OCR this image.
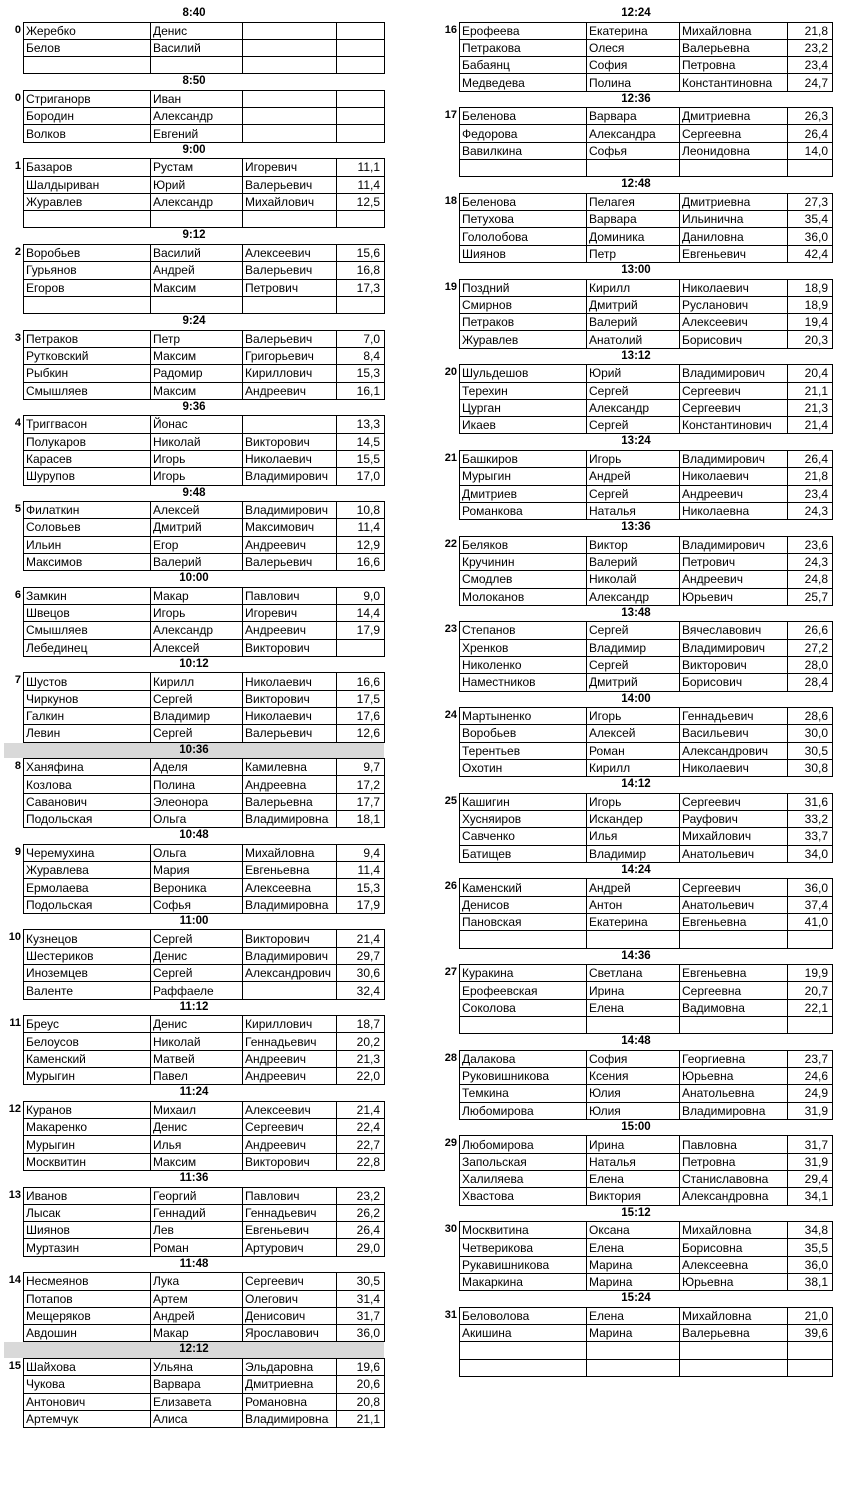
8:40
0 Жеребко	Денис		
Белов	Василий		

8:50
0 Стриганорв	Иван		
Бородин	Александр		
Волков	Евгений		
9:00
1 Базаров	Рустам	Игоревич	11,1
Шалдыриван	Юрий	Валерьевич	11,4
Журавлев	Александр	Михайлович	12,5

9:12
2 Воробьев	Василий	Алексеевич	15,6
Гурьянов	Андрей	Валерьевич	16,8
Егоров	Максим	Петрович	17,3

9:24
3 Петраков	Петр	Валерьевич	7,0
Рутковский	Максим	Григорьевич	8,4
Рыбкин	Радомир	Кириллович	15,3
Смышляев	Максим	Андреевич	16,1
9:36
4 Триггвасон	Йонас		13,3
Полукаров	Николай	Викторович	14,5
Карасев	Игорь	Николаевич	15,5
Шурупов	Игорь	Владимирович	17,0
9:48
5 Филаткин	Алексей	Владимирович	10,8
Соловьев	Дмитрий	Максимович	11,4
Ильин	Егор	Андреевич	12,9
Максимов	Валерий	Валерьевич	16,6
10:00
6 Замкин	Макар	Павлович	9,0
Швецов	Игорь	Игоревич	14,4
Смышляев	Александр	Андреевич	17,9
Лебединец	Алексей	Викторович	
10:12
7 Шустов	Кирилл	Николаевич	16,6
Чиркунов	Сергей	Викторович	17,5
Галкин	Владимир	Николаевич	17,6
Левин	Сергей	Валерьевич	12,6
10:36
8 Ханяфина	Аделя	Камилевна	9,7
Козлова	Полина	Андреевна	17,2
Саванович	Элеонора	Валерьевна	17,7
Подольская	Ольга	Владимировна	18,1
10:48
9 Черемухина	Ольга	Михайловна	9,4
Журавлева	Мария	Евгеньевна	11,4
Ермолаева	Вероника	Алексеевна	15,3
Подольская	Софья	Владимировна	17,9
11:00
10 Кузнецов	Сергей	Викторович	21,4
Шестериков	Денис	Владимирович	29,7
Иноземцев	Сергей	Александрович	30,6
Валенте	Раффаеле		32,4
11:12
11 Бреус	Денис	Кириллович	18,7
Белоусов	Николай	Геннадьевич	20,2
Каменский	Матвей	Андреевич	21,3
Мурыгин	Павел	Андреевич	22,0
11:24
12 Куранов	Михаил	Алексеевич	21,4
Макаренко	Денис	Сергеевич	22,4
Мурыгин	Илья	Андреевич	22,7
Москвитин	Максим	Викторович	22,8
11:36
13 Иванов	Георгий	Павлович	23,2
Лысак	Геннадий	Геннадьевич	26,2
Шиянов	Лев	Евгеньевич	26,4
Муртазин	Роман	Артурович	29,0
11:48
14 Несмеянов	Лука	Сергеевич	30,5
Потапов	Артем	Олегович	31,4
Мещеряков	Андрей	Денисович	31,7
Авдошин	Макар	Ярославович	36,0
12:12
15 Шайхова	Ульяна	Эльдаровна	19,6
Чукова	Варвара	Дмитриевна	20,6
Антонович	Елизавета	Романовна	20,8
Артемчук	Алиса	Владимировна	21,1
12:24
16 Ерофеева	Екатерина	Михайловна	21,8
Петракова	Олеся	Валерьевна	23,2
Бабаянц	София	Петровна	23,4
Медведева	Полина	Константиновна	24,7
12:36
17 Беленова	Варвара	Дмитриевна	26,3
Федорова	Александра	Сергеевна	26,4
Вавилкина	Софья	Леонидовна	14,0

12:48
18 Беленова	Пелагея	Дмитриевна	27,3
Петухова	Варвара	Ильинична	35,4
Гололобова	Доминика	Даниловна	36,0
Шиянов	Петр	Евгеньевич	42,4
13:00
19 Поздний	Кирилл	Николаевич	18,9
Смирнов	Дмитрий	Русланович	18,9
Петраков	Валерий	Алексеевич	19,4
Журавлев	Анатолий	Борисович	20,3
13:12
20 Шульдешов	Юрий	Владимирович	20,4
Терехин	Сергей	Сергеевич	21,1
Цурган	Александр	Сергеевич	21,3
Икаев	Сергей	Константинович	21,4
13:24
21 Башкиров	Игорь	Владимирович	26,4
Мурыгин	Андрей	Николаевич	21,8
Дмитриев	Сергей	Андреевич	23,4
Романкова	Наталья	Николаевна	24,3
13:36
22 Беляков	Виктор	Владимирович	23,6
Кручинин	Валерий	Петрович	24,3
Смодлев	Николай	Андреевич	24,8
Молоканов	Александр	Юрьевич	25,7
13:48
23 Степанов	Сергей	Вячеславович	26,6
Хренков	Владимир	Владимирович	27,2
Николенко	Сергей	Викторович	28,0
Наместников	Дмитрий	Борисович	28,4
14:00
24 Мартыненко	Игорь	Геннадьевич	28,6
Воробьев	Алексей	Васильевич	30,0
Терентьев	Роман	Александрович	30,5
Охотин	Кирилл	Николаевич	30,8
14:12
25 Кашигин	Игорь	Сергеевич	31,6
Хусняиров	Искандер	Рауфович	33,2
Савченко	Илья	Михайлович	33,7
Батищев	Владимир	Анатольевич	34,0
14:24
26 Каменский	Андрей	Сергеевич	36,0
Денисов	Антон	Анатольевич	37,4
Пановская	Екатерина	Евгеньевна	41,0

14:36
27 Куракина	Светлана	Евгеньевна	19,9
Ерофеевская	Ирина	Сергеевна	20,7
Соколова	Елена	Вадимовна	22,1

14:48
28 Далакова	София	Георгиевна	23,7
Руковишникова	Ксения	Юрьевна	24,6
Темкина	Юлия	Анатольевна	24,9
Любомирова	Юлия	Владимировна	31,9
15:00
29 Любомирова	Ирина	Павловна	31,7
Запольская	Наталья	Петровна	31,9
Халиляева	Елена	Станиславовна	29,4
Хвастова	Виктория	Александровна	34,1
15:12
30 Москвитина	Оксана	Михайловна	34,8
Четверикова	Елена	Борисовна	35,5
Рукавишникова	Марина	Алексеевна	36,0
Макаркина	Марина	Юрьевна	38,1
15:24
31 Беловолова	Елена	Михайловна	21,0
Акишина	Марина	Валерьевна	39,6
